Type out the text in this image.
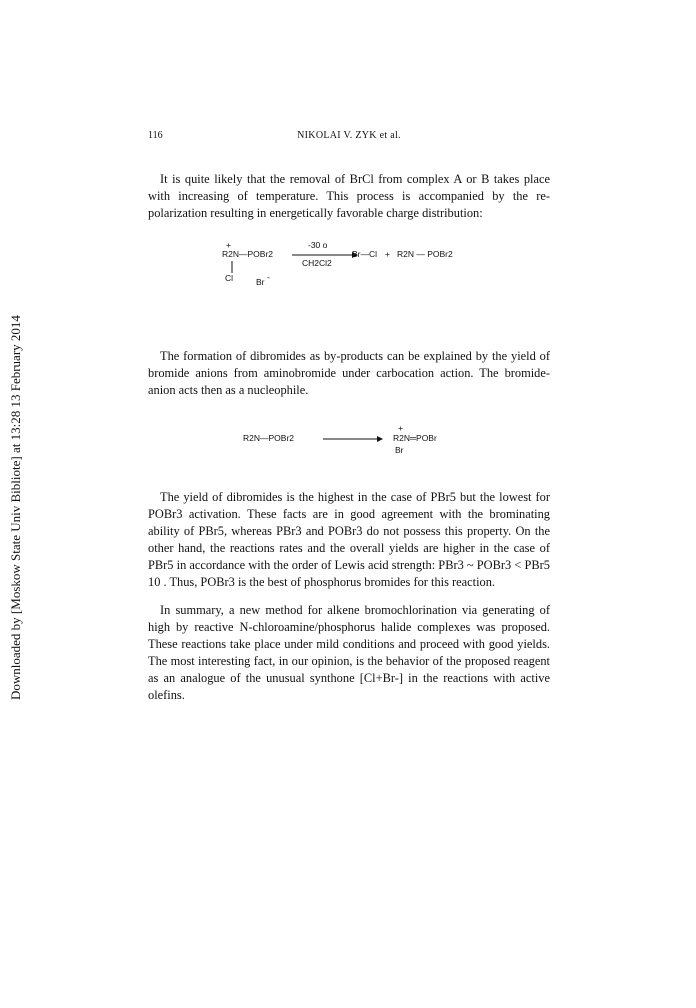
Downloaded by [Moskow State Univ Bibliote] at 13:28 13 February 2014
116	NIKOLAI V. ZYK et al.

It is quite likely that the removal of BrCl from complex A or B takes place with increasing of temperature. This process is accompanied by the re-polarization resulting in energetically favorable charge distribution:

+
R2N—POBr2
Cl	Br -
-30 o
CH2Cl2
Br—Cl + R2N — POBr2

The formation of dibromides as by-products can be explained by the yield of bromide anions from aminobromide under carbocation action. The bromide-anion acts then as a nucleophile.

R2N—POBr2
+
R2N═POBr
Br

The yield of dibromides is the highest in the case of PBr5 but the lowest for POBr3 activation. These facts are in good agreement with the brominating ability of PBr5, whereas PBr3 and POBr3 do not possess this property. On the other hand, the reactions rates and the overall yields are higher in the case of PBr5 in accordance with the order of Lewis acid strength: PBr3 ~ POBr3 < PBr5 10 . Thus, POBr3 is the best of phosphorus bromides for this reaction.

In summary, a new method for alkene bromochlorination via generating of high by reactive N-chloroamine/phosphorus halide complexes was proposed. These reactions take place under mild conditions and proceed with good yields. The most interesting fact, in our opinion, is the behavior of the proposed reagent as an analogue of the unusual synthone [Cl+Br-] in the reactions with active olefins.
